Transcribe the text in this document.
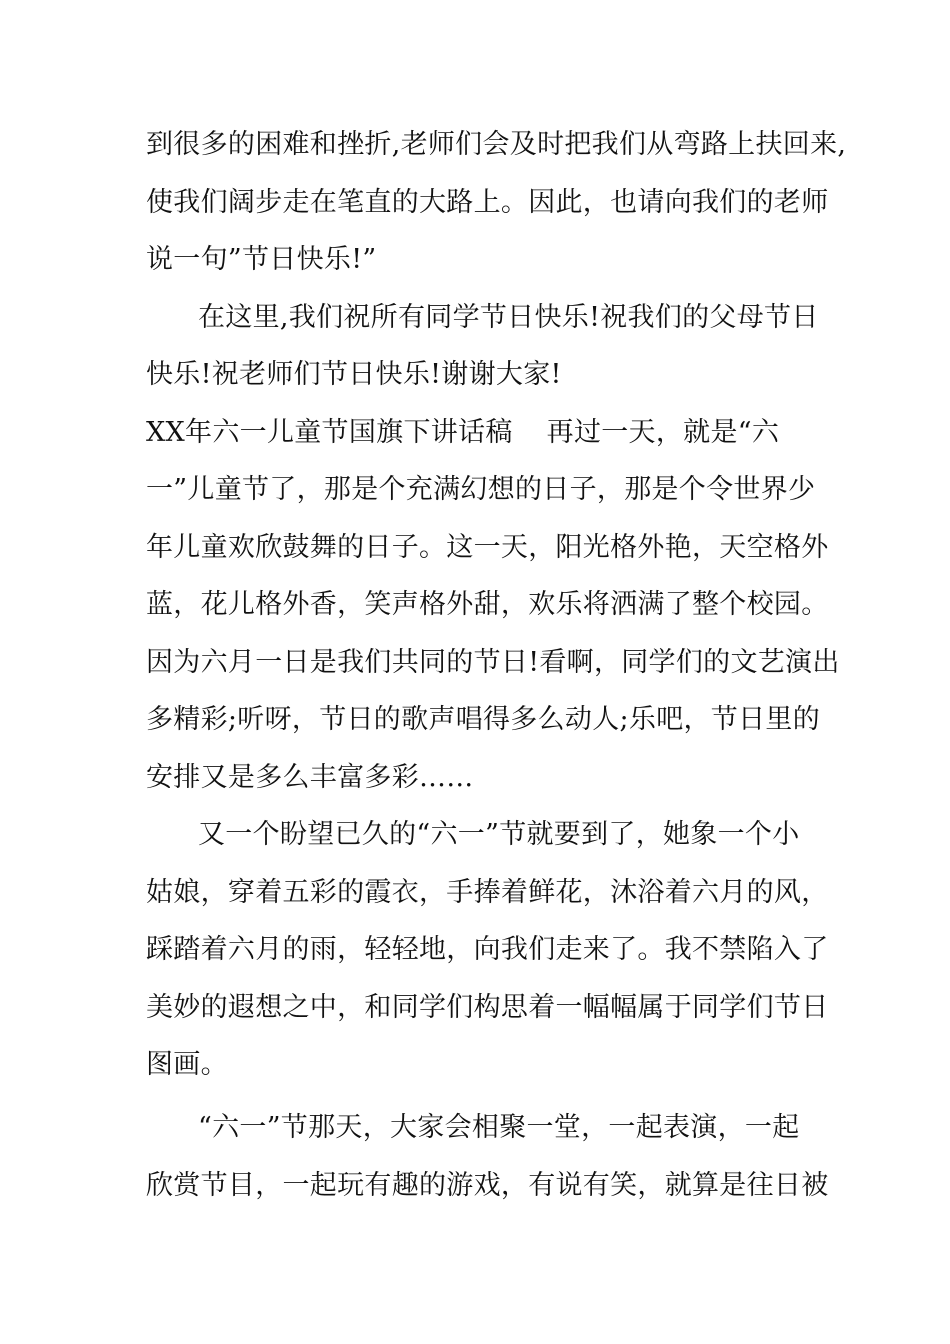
到很多的困难和挫折,老师们会及时把我们从弯路上扶回来,
使我们阔步走在笔直的大路上。因此，也请向我们的老师
说一句”节日快乐!”
在这里,我们祝所有同学节日快乐!祝我们的父母节日
快乐!祝老师们节日快乐!谢谢大家!
XX年六一儿童节国旗下讲话稿 再过一天，就是“六
一”儿童节了，那是个充满幻想的日子，那是个令世界少
年儿童欢欣鼓舞的日子。这一天，阳光格外艳，天空格外
蓝，花儿格外香，笑声格外甜，欢乐将洒满了整个校园。
因为六月一日是我们共同的节日!看啊，同学们的文艺演出
多精彩;听呀，节日的歌声唱得多么动人;乐吧，节日里的
安排又是多么丰富多彩……
又一个盼望已久的“六一”节就要到了，她象一个小
姑娘，穿着五彩的霞衣，手捧着鲜花，沐浴着六月的风，
踩踏着六月的雨，轻轻地，向我们走来了。我不禁陷入了
美妙的遐想之中，和同学们构思着一幅幅属于同学们节日
图画。
“六一”节那天，大家会相聚一堂，一起表演，一起
欣赏节目，一起玩有趣的游戏，有说有笑，就算是往日被
